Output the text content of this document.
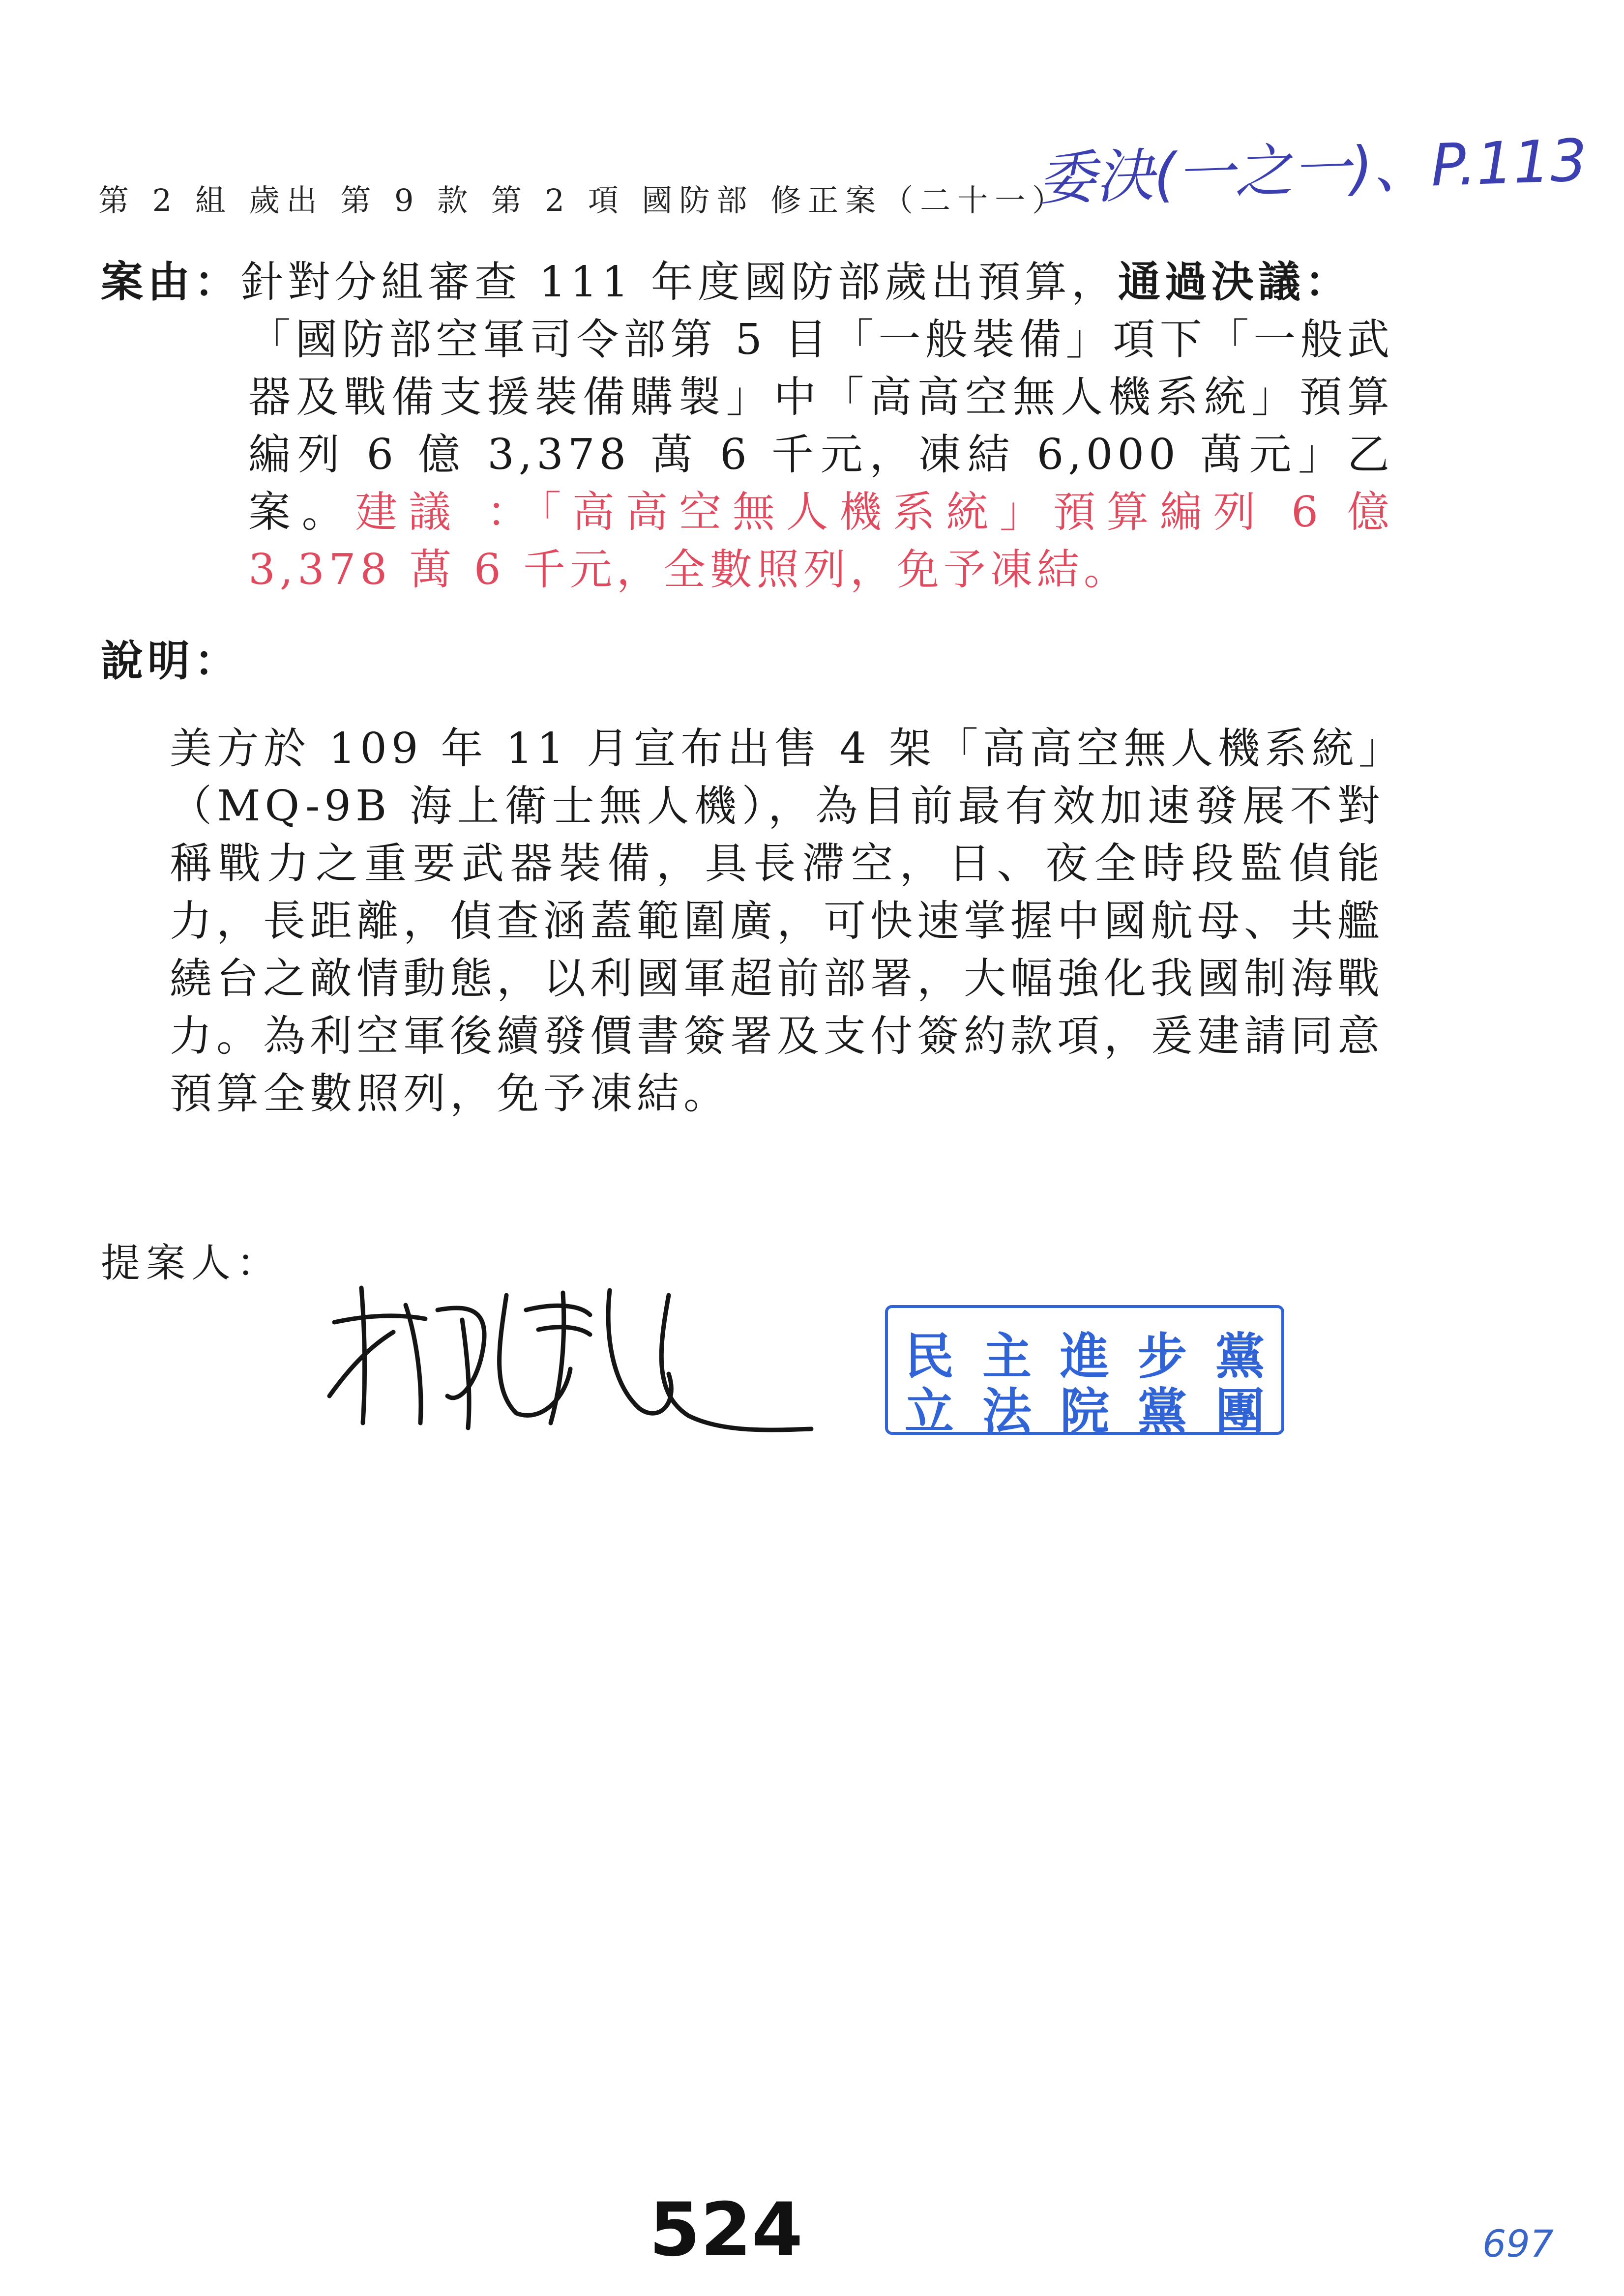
第 2 組 歲出 第 9 款 第 2 項 國防部 修正案（二十一）
委決(一之一)、P.113
案由：針對分組審查 111 年度國防部歲出預算，通過決議：
「國防部空軍司令部第 5 目「一般裝備」項下「一般武器及戰備支援裝備購製」中「高高空無人機系統」預算編列 6 億 3,378 萬 6 千元，凍結 6,000 萬元」乙案。建議 ：「高高空無人機系統」預算編列 6 億 3,378 萬 6 千元，全數照列，免予凍結。
說明：
美方於 109 年 11 月宣布出售 4 架「高高空無人機系統」（MQ-9B 海上衛士無人機），為目前最有效加速發展不對稱戰力之重要武器裝備，具長滯空，日、夜全時段監偵能力，長距離，偵查涵蓋範圍廣，可快速掌握中國航母、共艦繞台之敵情動態，以利國軍超前部署，大幅強化我國制海戰力。為利空軍後續發價書簽署及支付簽約款項，爰建請同意預算全數照列，免予凍結。
提案人：
民主進步黨
立法院黨團
524	697
